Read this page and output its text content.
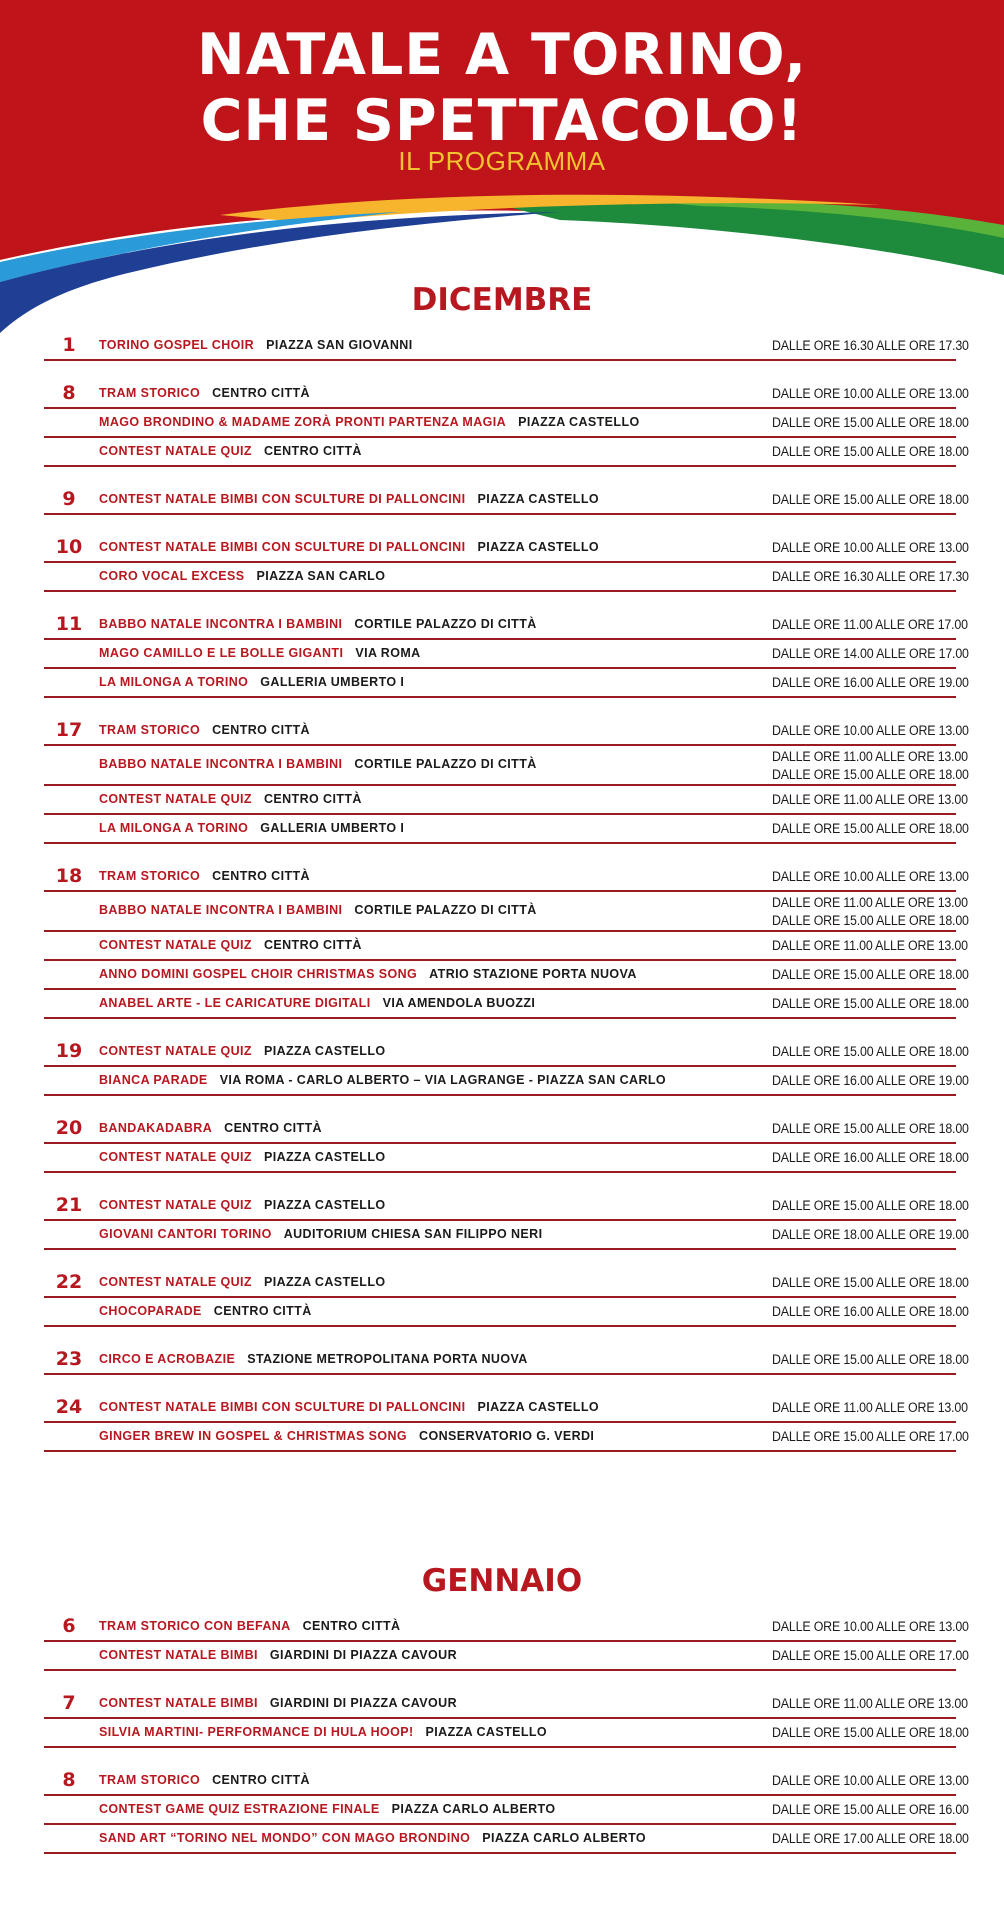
NATALE A TORINO,
CHE SPETTACOLO!
IL PROGRAMMA
DICEMBRE
1	TORINO GOSPEL CHOIR PIAZZA SAN GIOVANNI	DALLE ORE 16.30 ALLE ORE 17.30
8	TRAM STORICO CENTRO CITTÀ	DALLE ORE 10.00 ALLE ORE 13.00
MAGO BRONDINO & MADAME ZORÀ PRONTI PARTENZA MAGIA PIAZZA CASTELLO	DALLE ORE 15.00 ALLE ORE 18.00
CONTEST NATALE QUIZ CENTRO CITTÀ	DALLE ORE 15.00 ALLE ORE 18.00
9	CONTEST NATALE BIMBI CON SCULTURE DI PALLONCINI PIAZZA CASTELLO	DALLE ORE 15.00 ALLE ORE 18.00
10	CONTEST NATALE BIMBI CON SCULTURE DI PALLONCINI PIAZZA CASTELLO	DALLE ORE 10.00 ALLE ORE 13.00
CORO VOCAL EXCESS PIAZZA SAN CARLO	DALLE ORE 16.30 ALLE ORE 17.30
11	BABBO NATALE INCONTRA I BAMBINI CORTILE PALAZZO DI CITTÀ	DALLE ORE 11.00 ALLE ORE 17.00
MAGO CAMILLO E LE BOLLE GIGANTI VIA ROMA	DALLE ORE 14.00 ALLE ORE 17.00
LA MILONGA A TORINO GALLERIA UMBERTO I	DALLE ORE 16.00 ALLE ORE 19.00
17	TRAM STORICO CENTRO CITTÀ	DALLE ORE 10.00 ALLE ORE 13.00
BABBO NATALE INCONTRA I BAMBINI CORTILE PALAZZO DI CITTÀ	DALLE ORE 11.00 ALLE ORE 13.00
DALLE ORE 15.00 ALLE ORE 18.00
CONTEST NATALE QUIZ CENTRO CITTÀ	DALLE ORE 11.00 ALLE ORE 13.00
LA MILONGA A TORINO GALLERIA UMBERTO I	DALLE ORE 15.00 ALLE ORE 18.00
18	TRAM STORICO CENTRO CITTÀ	DALLE ORE 10.00 ALLE ORE 13.00
BABBO NATALE INCONTRA I BAMBINI CORTILE PALAZZO DI CITTÀ	DALLE ORE 11.00 ALLE ORE 13.00
DALLE ORE 15.00 ALLE ORE 18.00
CONTEST NATALE QUIZ CENTRO CITTÀ	DALLE ORE 11.00 ALLE ORE 13.00
ANNO DOMINI GOSPEL CHOIR CHRISTMAS SONG ATRIO STAZIONE PORTA NUOVA	DALLE ORE 15.00 ALLE ORE 18.00
ANABEL ARTE - LE CARICATURE DIGITALI VIA AMENDOLA BUOZZI	DALLE ORE 15.00 ALLE ORE 18.00
19	CONTEST NATALE QUIZ PIAZZA CASTELLO	DALLE ORE 15.00 ALLE ORE 18.00
BIANCA PARADE VIA ROMA - CARLO ALBERTO – VIA LAGRANGE - PIAZZA SAN CARLO	DALLE ORE 16.00 ALLE ORE 19.00
20	BANDAKADABRA CENTRO CITTÀ	DALLE ORE 15.00 ALLE ORE 18.00
CONTEST NATALE QUIZ PIAZZA CASTELLO	DALLE ORE 16.00 ALLE ORE 18.00
21	CONTEST NATALE QUIZ PIAZZA CASTELLO	DALLE ORE 15.00 ALLE ORE 18.00
GIOVANI CANTORI TORINO AUDITORIUM CHIESA SAN FILIPPO NERI	DALLE ORE 18.00 ALLE ORE 19.00
22	CONTEST NATALE QUIZ PIAZZA CASTELLO	DALLE ORE 15.00 ALLE ORE 18.00
CHOCOPARADE CENTRO CITTÀ	DALLE ORE 16.00 ALLE ORE 18.00
23	CIRCO E ACROBAZIE STAZIONE METROPOLITANA PORTA NUOVA	DALLE ORE 15.00 ALLE ORE 18.00
24	CONTEST NATALE BIMBI CON SCULTURE DI PALLONCINI PIAZZA CASTELLO	DALLE ORE 11.00 ALLE ORE 13.00
GINGER BREW IN GOSPEL & CHRISTMAS SONG CONSERVATORIO G. VERDI	DALLE ORE 15.00 ALLE ORE 17.00
GENNAIO
6	TRAM STORICO CON BEFANA CENTRO CITTÀ	DALLE ORE 10.00 ALLE ORE 13.00
CONTEST NATALE BIMBI GIARDINI DI PIAZZA CAVOUR	DALLE ORE 15.00 ALLE ORE 17.00
7	CONTEST NATALE BIMBI GIARDINI DI PIAZZA CAVOUR	DALLE ORE 11.00 ALLE ORE 13.00
SILVIA MARTINI- PERFORMANCE DI HULA HOOP! PIAZZA CASTELLO	DALLE ORE 15.00 ALLE ORE 18.00
8	TRAM STORICO CENTRO CITTÀ	DALLE ORE 10.00 ALLE ORE 13.00
CONTEST GAME QUIZ ESTRAZIONE FINALE PIAZZA CARLO ALBERTO	DALLE ORE 15.00 ALLE ORE 16.00
SAND ART “TORINO NEL MONDO” CON MAGO BRONDINO PIAZZA CARLO ALBERTO	DALLE ORE 17.00 ALLE ORE 18.00
